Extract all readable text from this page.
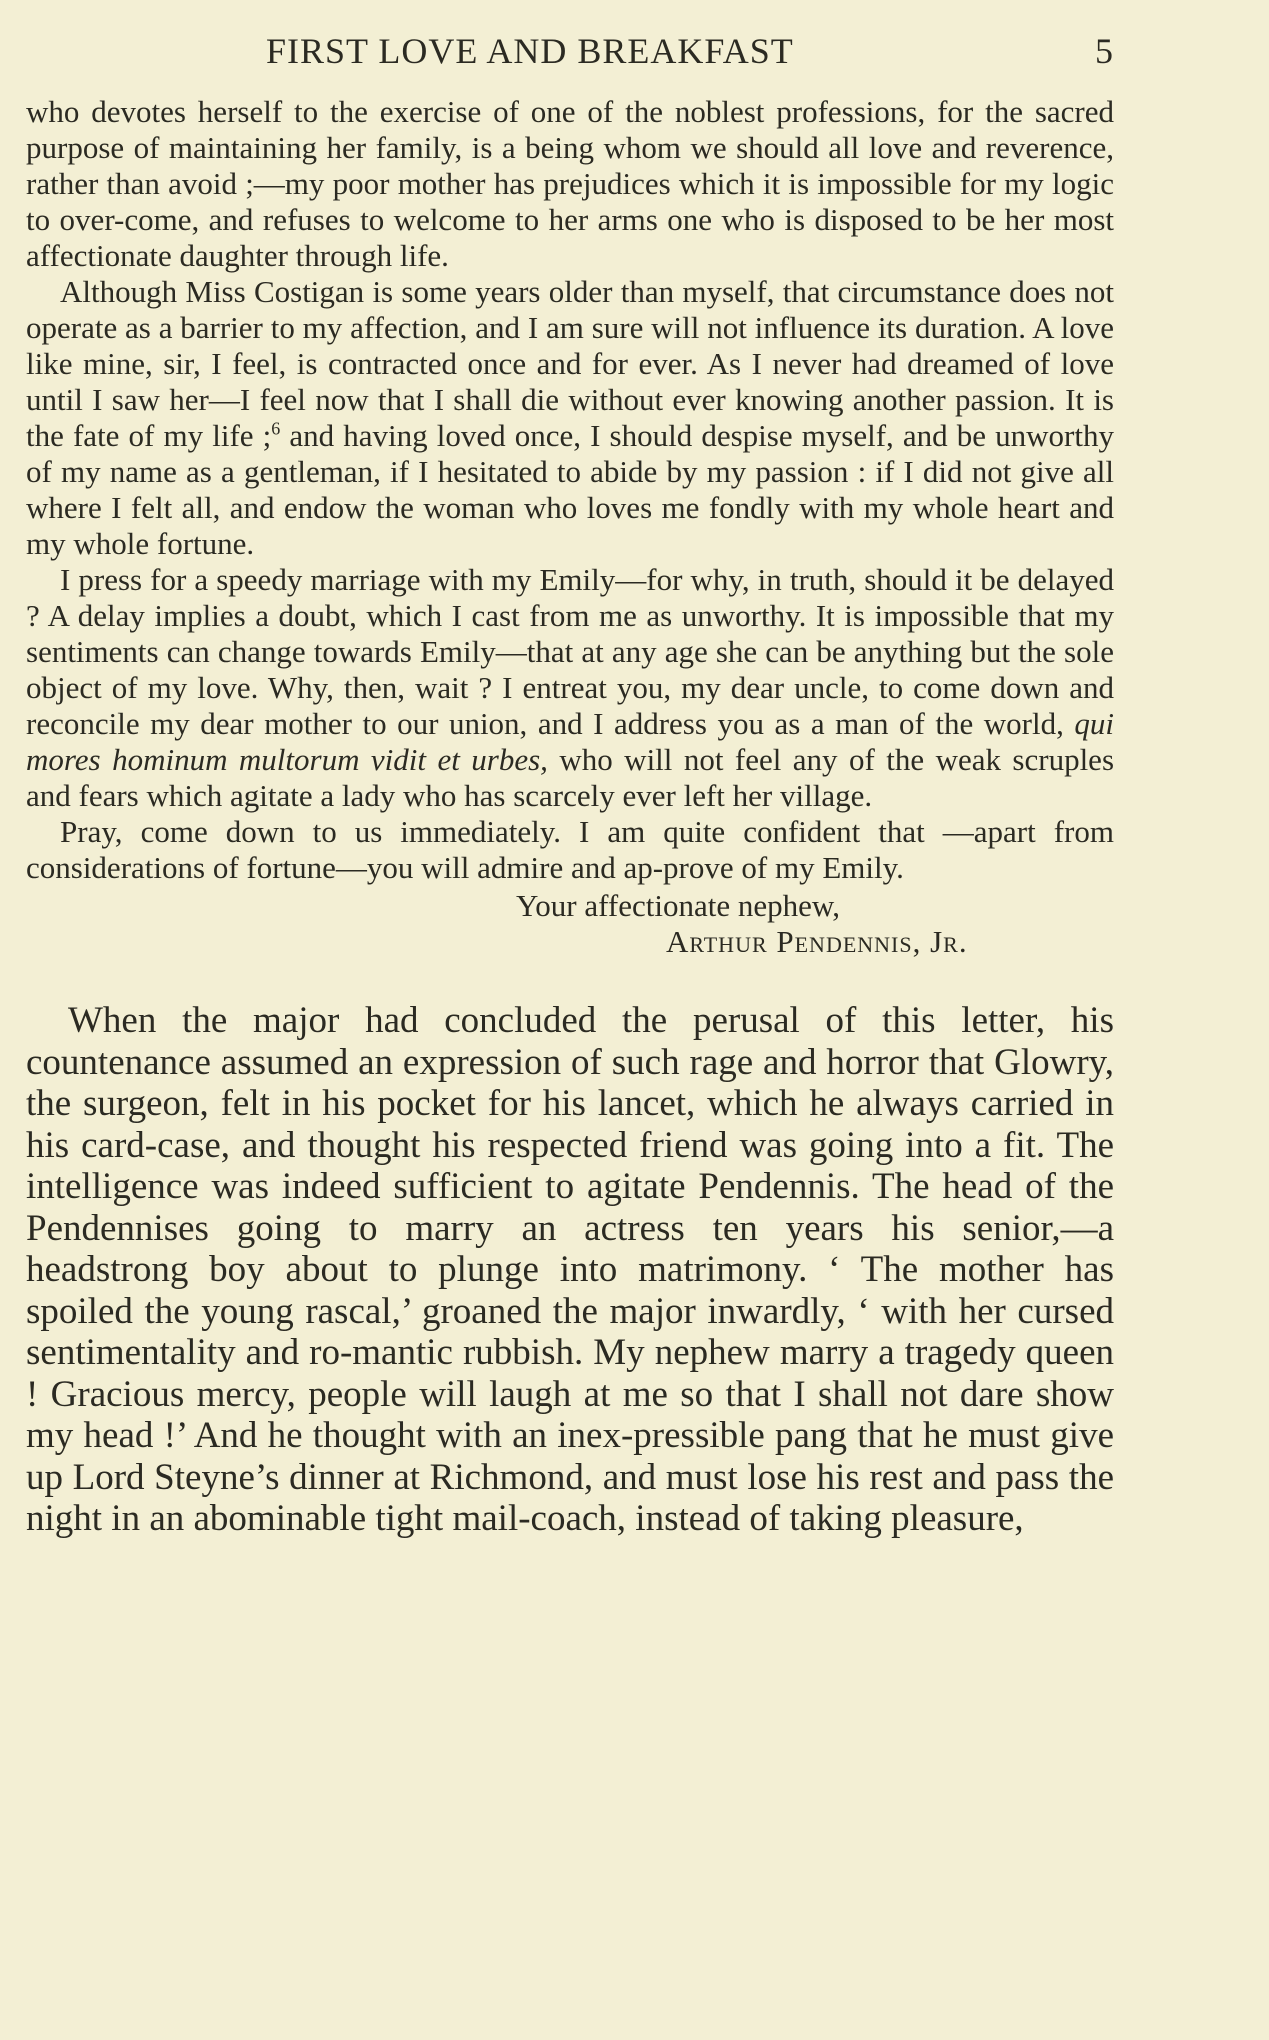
FIRST LOVE AND BREAKFAST	5

who devotes herself to the exercise of one of the noblest professions, for the sacred purpose of maintaining her family, is a being whom we should all love and reverence, rather than avoid ;—my poor mother has prejudices which it is impossible for my logic to over-come, and refuses to welcome to her arms one who is disposed to be her most affectionate daughter through life.

Although Miss Costigan is some years older than myself, that circumstance does not operate as a barrier to my affection, and I am sure will not influence its duration. A love like mine, sir, I feel, is contracted once and for ever. As I never had dreamed of love until I saw her—I feel now that I shall die without ever knowing another passion. It is the fate of my life ;$^6$ and having loved once, I should despise myself, and be unworthy of my name as a gentleman, if I hesitated to abide by my passion : if I did not give all where I felt all, and endow the woman who loves me fondly with my whole heart and my whole fortune.

I press for a speedy marriage with my Emily—for why, in truth, should it be delayed ? A delay implies a doubt, which I cast from me as unworthy. It is impossible that my sentiments can change towards Emily—that at any age she can be anything but the sole object of my love. Why, then, wait ? I entreat you, my dear uncle, to come down and reconcile my dear mother to our union, and I address you as a man of the world, qui mores hominum multorum vidit et urbes, who will not feel any of the weak scruples and fears which agitate a lady who has scarcely ever left her village.

Pray, come down to us immediately. I am quite confident that —apart from considerations of fortune—you will admire and ap-prove of my Emily.

Your affectionate nephew,
Arthur Pendennis, Jr.

When the major had concluded the perusal of this letter, his countenance assumed an expression of such rage and horror that Glowry, the surgeon, felt in his pocket for his lancet, which he always carried in his card-case, and thought his respected friend was going into a fit. The intelligence was indeed sufficient to agitate Pendennis. The head of the Pendennises going to marry an actress ten years his senior,—a headstrong boy about to plunge into matrimony. ‘ The mother has spoiled the young rascal,’ groaned the major inwardly, ‘ with her cursed sentimentality and ro-mantic rubbish. My nephew marry a tragedy queen ! Gracious mercy, people will laugh at me so that I shall not dare show my head !’ And he thought with an inex-pressible pang that he must give up Lord Steyne’s dinner at Richmond, and must lose his rest and pass the night in an abominable tight mail-coach, instead of taking pleasure,
